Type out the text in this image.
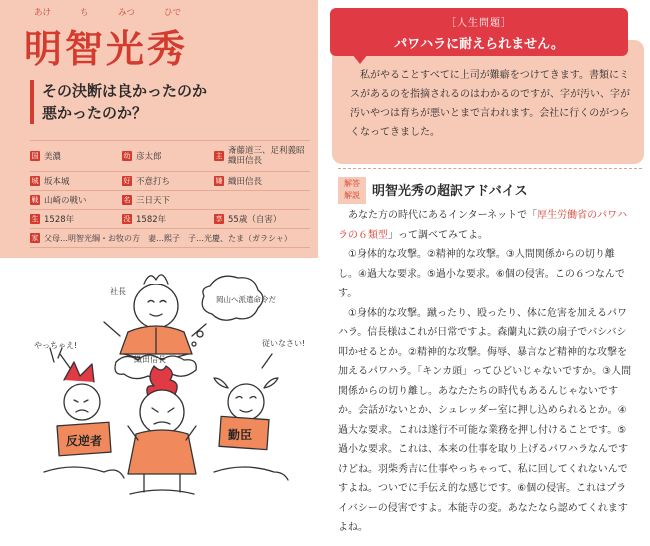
あけ	ち	みつ	ひで
明智光秀
その決断は良かったのか
悪かったのか？
国 美濃	幼 彦太郎	主 斎藤道三、足利義昭　織田信長
城 坂本城	好 不意打ち	嫌 織田信長
戦 山崎の戦い	名 三日天下
生 1528年	没 1582年	享 55歳（自害）
家 父母…明智光綱・お牧の方　妻…熙子　子…光慶、たま（ガラシャ）
社長
織田信長
岡山へ派遣命令だ
やっちゃえ!	従いなさい!
反逆者	勤臣
［人生問題］
パワハラに耐えられません。
私がやることすべてに上司が難癖をつけてきます。書類にミスがあるのを指摘されるのはわかるのですが、字が汚い、字が汚いやつは育ちが悪いとまで言われます。会社に行くのがつらくなってきました。
解答
解説 明智光秀の超訳アドバイス

あなた方の時代にあるインターネットで「厚生労働省のパワハラの６類型」って調べてみてよ。

①身体的な攻撃。②精神的な攻撃。③人間関係からの切り離し。④過大な要求。⑤過小な要求。⑥個の侵害。この６つなんです。

①身体的な攻撃。蹴ったり、殴ったり、体に危害を加えるパワハラ。信長様はこれが日常ですよ。森蘭丸に鉄の扇子でバシバシ叩かせるとか。②精神的な攻撃。侮辱、暴言など精神的な攻撃を加えるパワハラ。「キンカ頭」ってひどいじゃないですか。③人間関係からの切り離し。あなたたちの時代もあるんじゃないですか。会話がないとか、シュレッダー室に押し込められるとか。④過大な要求。これは遂行不可能な業務を押し付けることです。⑤過小な要求。これは、本来の仕事を取り上げるパワハラなんですけどね。羽柴秀吉に仕事やっちゃって、私に回してくれないんですよね。ついでに手伝え的な感じです。⑥個の侵害。これはプライバシーの侵害ですよ。本能寺の変。あなたなら認めてくれますよね。
